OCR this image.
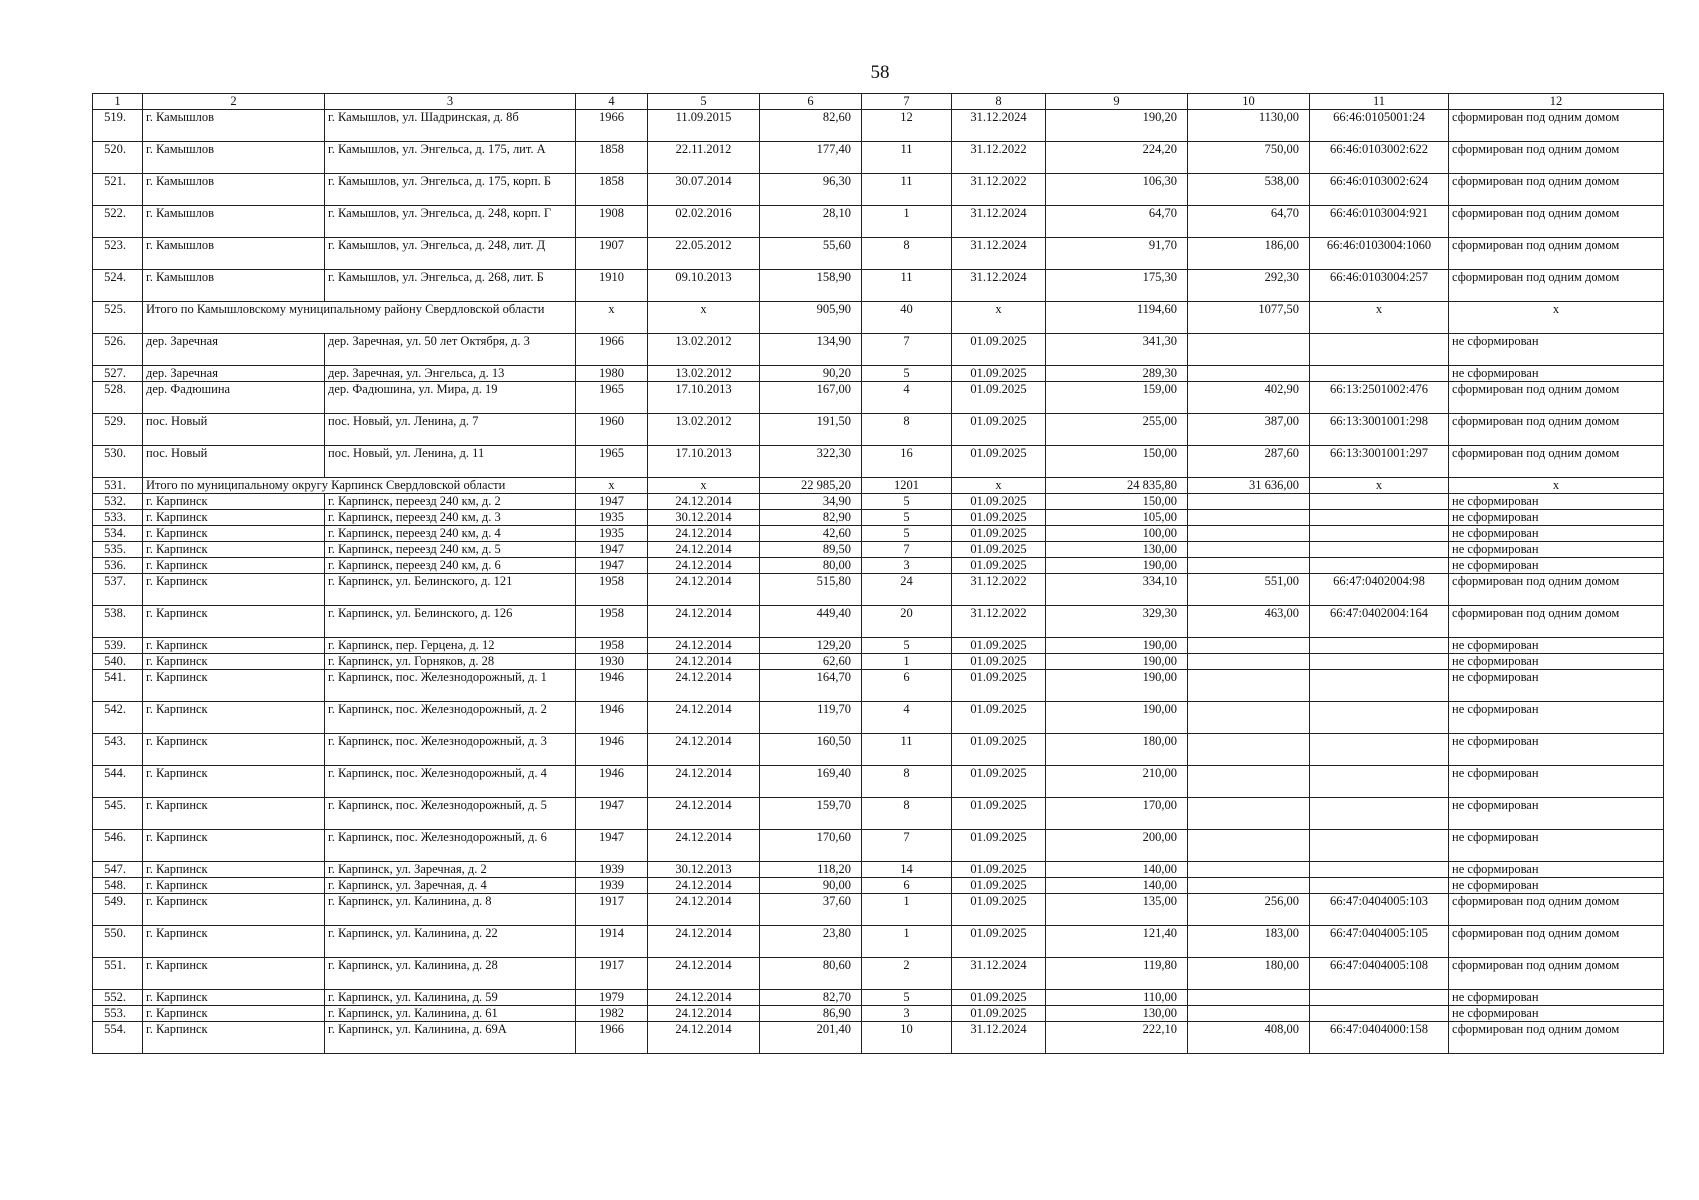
58
1	2	3	4	5	6	7	8	9	10	11	12
519.	г. Камышлов	г. Камышлов, ул. Шадринская, д. 8б	1966	11.09.2015	82,60	12	31.12.2024	190,20	1130,00	66:46:0105001:24	сформирован под одним домом
520.	г. Камышлов	г. Камышлов, ул. Энгельса, д. 175, лит. А	1858	22.11.2012	177,40	11	31.12.2022	224,20	750,00	66:46:0103002:622	сформирован под одним домом
521.	г. Камышлов	г. Камышлов, ул. Энгельса, д. 175, корп. Б	1858	30.07.2014	96,30	11	31.12.2022	106,30	538,00	66:46:0103002:624	сформирован под одним домом
522.	г. Камышлов	г. Камышлов, ул. Энгельса, д. 248, корп. Г	1908	02.02.2016	28,10	1	31.12.2024	64,70	64,70	66:46:0103004:921	сформирован под одним домом
523.	г. Камышлов	г. Камышлов, ул. Энгельса, д. 248, лит. Д	1907	22.05.2012	55,60	8	31.12.2024	91,70	186,00	66:46:0103004:1060	сформирован под одним домом
524.	г. Камышлов	г. Камышлов, ул. Энгельса, д. 268, лит. Б	1910	09.10.2013	158,90	11	31.12.2024	175,30	292,30	66:46:0103004:257	сформирован под одним домом
525.	Итого по Камышловскому муниципальному району Свердловской области		x	x	905,90	40	x	1194,60	1077,50	x	x
526.	дер. Заречная	дер. Заречная, ул. 50 лет Октября, д. 3	1966	13.02.2012	134,90	7	01.09.2025	341,30			не сформирован
527.	дер. Заречная	дер. Заречная, ул. Энгельса, д. 13	1980	13.02.2012	90,20	5	01.09.2025	289,30			не сформирован
528.	дер. Фадюшина	дер. Фадюшина, ул. Мира, д. 19	1965	17.10.2013	167,00	4	01.09.2025	159,00	402,90	66:13:2501002:476	сформирован под одним домом
529.	пос. Новый	пос. Новый, ул. Ленина, д. 7	1960	13.02.2012	191,50	8	01.09.2025	255,00	387,00	66:13:3001001:298	сформирован под одним домом
530.	пос. Новый	пос. Новый, ул. Ленина, д. 11	1965	17.10.2013	322,30	16	01.09.2025	150,00	287,60	66:13:3001001:297	сформирован под одним домом
531.	Итого по муниципальному округу Карпинск Свердловской области		x	x	22 985,20	1201	x	24 835,80	31 636,00	x	x
532.	г. Карпинск	г. Карпинск, переезд 240 км, д. 2	1947	24.12.2014	34,90	5	01.09.2025	150,00			не сформирован
533.	г. Карпинск	г. Карпинск, переезд 240 км, д. 3	1935	30.12.2014	82,90	5	01.09.2025	105,00			не сформирован
534.	г. Карпинск	г. Карпинск, переезд 240 км, д. 4	1935	24.12.2014	42,60	5	01.09.2025	100,00			не сформирован
535.	г. Карпинск	г. Карпинск, переезд 240 км, д. 5	1947	24.12.2014	89,50	7	01.09.2025	130,00			не сформирован
536.	г. Карпинск	г. Карпинск, переезд 240 км, д. 6	1947	24.12.2014	80,00	3	01.09.2025	190,00			не сформирован
537.	г. Карпинск	г. Карпинск, ул. Белинского, д. 121	1958	24.12.2014	515,80	24	31.12.2022	334,10	551,00	66:47:0402004:98	сформирован под одним домом
538.	г. Карпинск	г. Карпинск, ул. Белинского, д. 126	1958	24.12.2014	449,40	20	31.12.2022	329,30	463,00	66:47:0402004:164	сформирован под одним домом
539.	г. Карпинск	г. Карпинск, пер. Герцена, д. 12	1958	24.12.2014	129,20	5	01.09.2025	190,00			не сформирован
540.	г. Карпинск	г. Карпинск, ул. Горняков, д. 28	1930	24.12.2014	62,60	1	01.09.2025	190,00			не сформирован
541.	г. Карпинск	г. Карпинск, пос. Железнодорожный, д. 1	1946	24.12.2014	164,70	6	01.09.2025	190,00			не сформирован
542.	г. Карпинск	г. Карпинск, пос. Железнодорожный, д. 2	1946	24.12.2014	119,70	4	01.09.2025	190,00			не сформирован
543.	г. Карпинск	г. Карпинск, пос. Железнодорожный, д. 3	1946	24.12.2014	160,50	11	01.09.2025	180,00			не сформирован
544.	г. Карпинск	г. Карпинск, пос. Железнодорожный, д. 4	1946	24.12.2014	169,40	8	01.09.2025	210,00			не сформирован
545.	г. Карпинск	г. Карпинск, пос. Железнодорожный, д. 5	1947	24.12.2014	159,70	8	01.09.2025	170,00			не сформирован
546.	г. Карпинск	г. Карпинск, пос. Железнодорожный, д. 6	1947	24.12.2014	170,60	7	01.09.2025	200,00			не сформирован
547.	г. Карпинск	г. Карпинск, ул. Заречная, д. 2	1939	30.12.2013	118,20	14	01.09.2025	140,00			не сформирован
548.	г. Карпинск	г. Карпинск, ул. Заречная, д. 4	1939	24.12.2014	90,00	6	01.09.2025	140,00			не сформирован
549.	г. Карпинск	г. Карпинск, ул. Калинина, д. 8	1917	24.12.2014	37,60	1	01.09.2025	135,00	256,00	66:47:0404005:103	сформирован под одним домом
550.	г. Карпинск	г. Карпинск, ул. Калинина, д. 22	1914	24.12.2014	23,80	1	01.09.2025	121,40	183,00	66:47:0404005:105	сформирован под одним домом
551.	г. Карпинск	г. Карпинск, ул. Калинина, д. 28	1917	24.12.2014	80,60	2	31.12.2024	119,80	180,00	66:47:0404005:108	сформирован под одним домом
552.	г. Карпинск	г. Карпинск, ул. Калинина, д. 59	1979	24.12.2014	82,70	5	01.09.2025	110,00			не сформирован
553.	г. Карпинск	г. Карпинск, ул. Калинина, д. 61	1982	24.12.2014	86,90	3	01.09.2025	130,00			не сформирован
554.	г. Карпинск	г. Карпинск, ул. Калинина, д. 69А	1966	24.12.2014	201,40	10	31.12.2024	222,10	408,00	66:47:0404000:158	сформирован под одним домом
